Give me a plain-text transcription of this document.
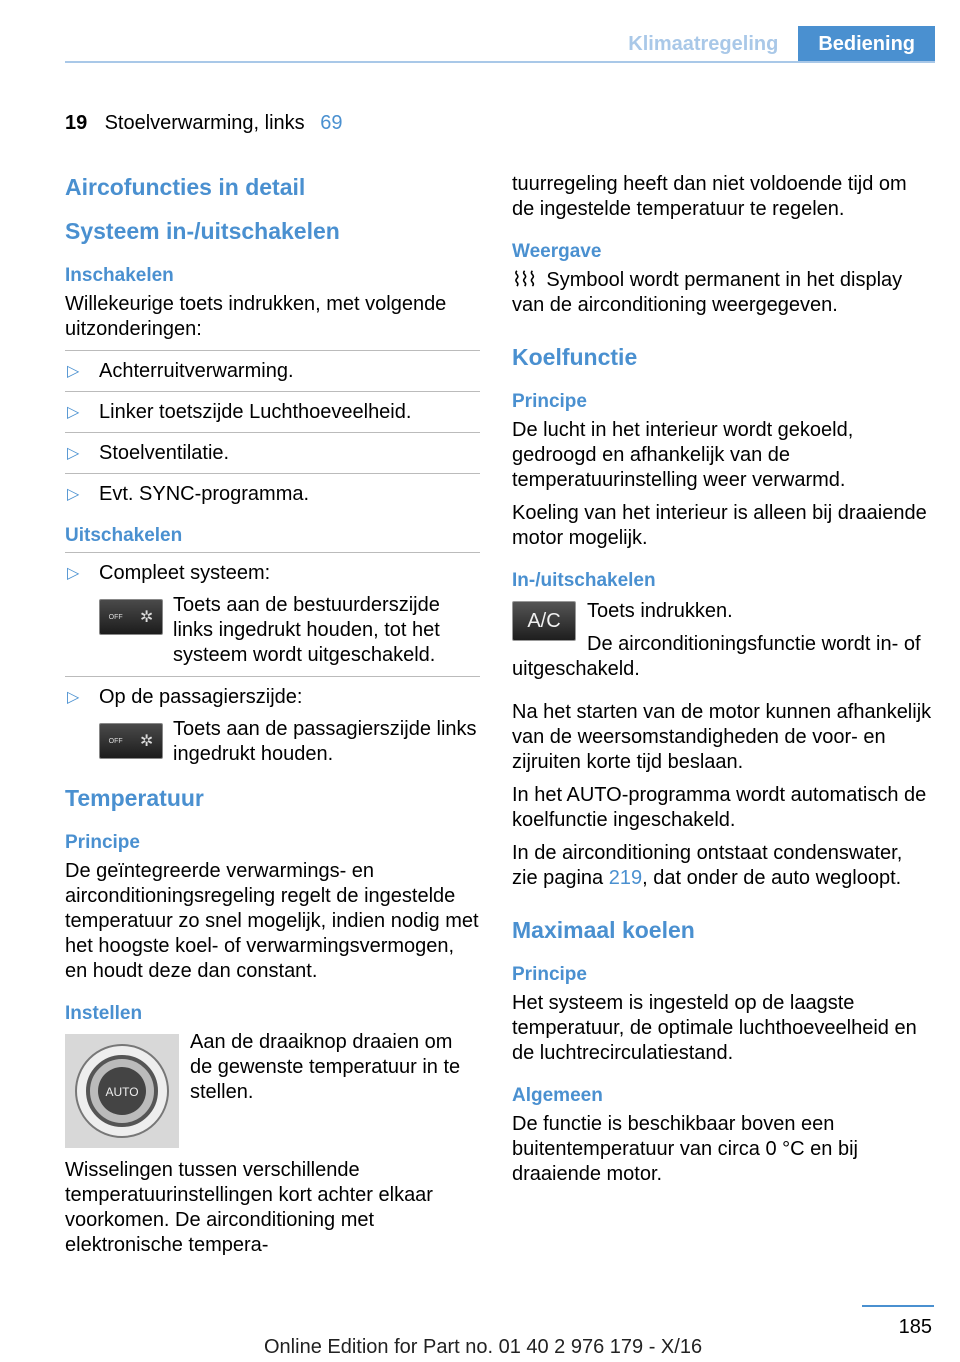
Klimaatregeling	Bediening
19 Stoelverwarming, links 69
Aircofuncties in detail
Systeem in-/uitschakelen
Inschakelen
Willekeurige toets indrukken, met volgende uitzonderingen:
▷ Achterruitverwarming.
▷ Linker toetszijde Luchthoeveelheid.
▷ Stoelventilatie.
▷ Evt. SYNC-programma.
Uitschakelen
▷ Compleet systeem:
OFF ✲
Toets aan de bestuurderszijde links ingedrukt houden, tot het systeem wordt uitgeschakeld.
▷ Op de passagierszijde:
OFF ✲
Toets aan de passagierszijde links ingedrukt houden.
Temperatuur
Principe
De geïntegreerde verwarmings- en airconditioningsregeling regelt de ingestelde temperatuur zo snel mogelijk, indien nodig met het hoogste koel- of verwarmingsvermogen, en houdt deze dan constant.
Instellen
AUTO
Aan de draaiknop draaien om de gewenste temperatuur in te stellen.
Wisselingen tussen verschillende temperatuurinstellingen kort achter elkaar voorkomen. De airconditioning met elektronische tempera-
tuurregeling heeft dan niet voldoende tijd om de ingestelde temperatuur te regelen.
Weergave
⌇⌇⌇ Symbool wordt permanent in het display van de airconditioning weergegeven.
Koelfunctie
Principe
De lucht in het interieur wordt gekoeld, gedroogd en afhankelijk van de temperatuurinstelling weer verwarmd.
Koeling van het interieur is alleen bij draaiende motor mogelijk.
In-/uitschakelen
A/C	Toets indrukken.
De airconditioningsfunctie wordt in- of uitgeschakeld.
Na het starten van de motor kunnen afhankelijk van de weersomstandigheden de voor- en zijruiten korte tijd beslaan.
In het AUTO-programma wordt automatisch de koelfunctie ingeschakeld.
In de airconditioning ontstaat condenswater, zie pagina 219, dat onder de auto wegloopt.
Maximaal koelen
Principe
Het systeem is ingesteld op de laagste temperatuur, de optimale luchthoeveelheid en de luchtrecirculatiestand.
Algemeen
De functie is beschikbaar boven een buitentemperatuur van circa 0 °C en bij draaiende motor.
185
Online Edition for Part no. 01 40 2 976 179 - X/16
